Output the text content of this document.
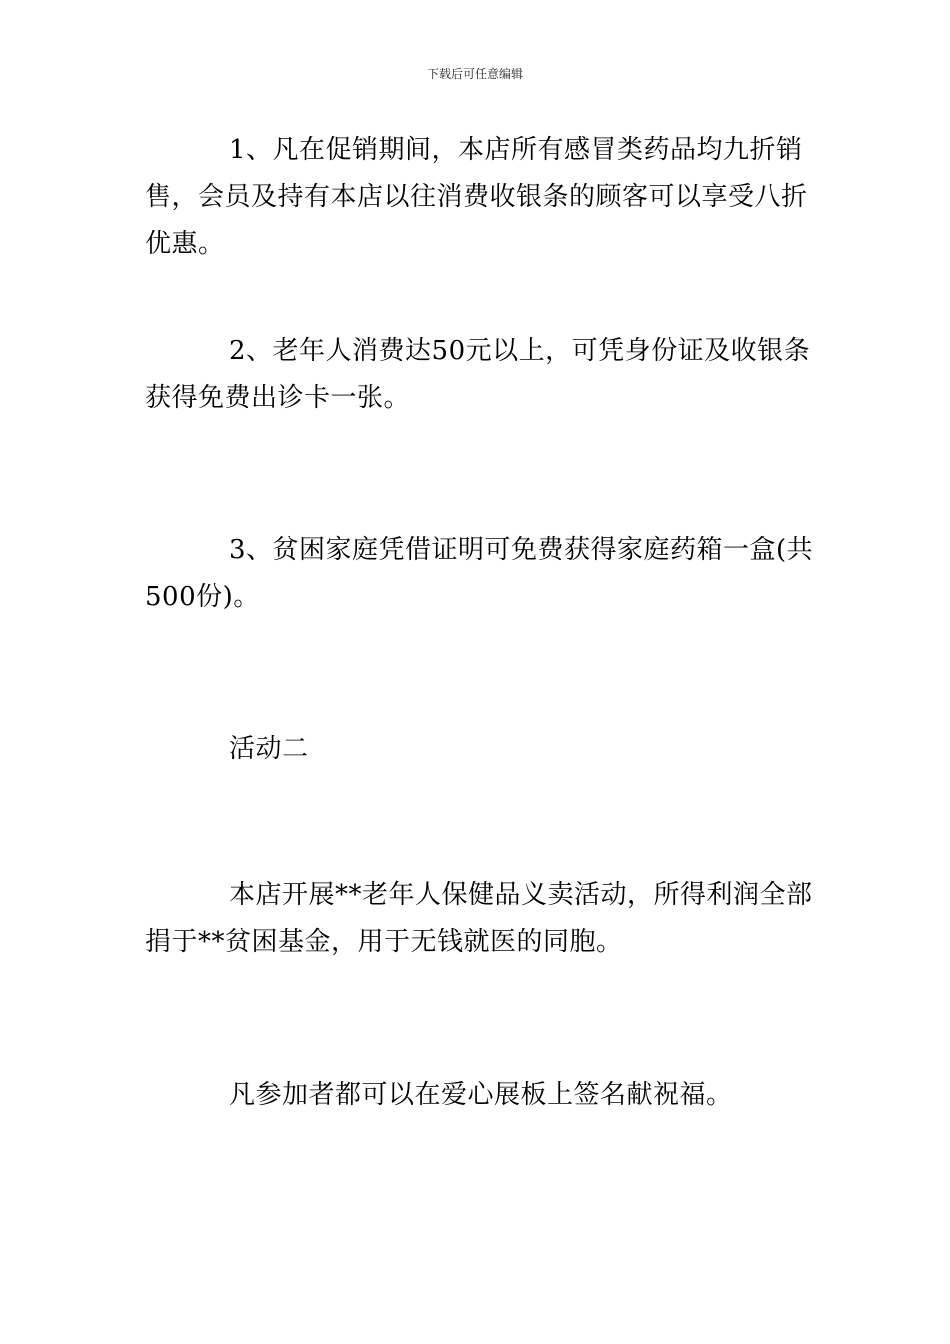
下载后可任意编辑

1、凡在促销期间，本店所有感冒类药品均九折销售，会员及持有本店以往消费收银条的顾客可以享受八折优惠。

2、老年人消费达50元以上，可凭身份证及收银条获得免费出诊卡一张。

3、贫困家庭凭借证明可免费获得家庭药箱一盒(共500份)。

活动二

本店开展**老年人保健品义卖活动，所得利润全部捐于**贫困基金，用于无钱就医的同胞。

凡参加者都可以在爱心展板上签名献祝福。
